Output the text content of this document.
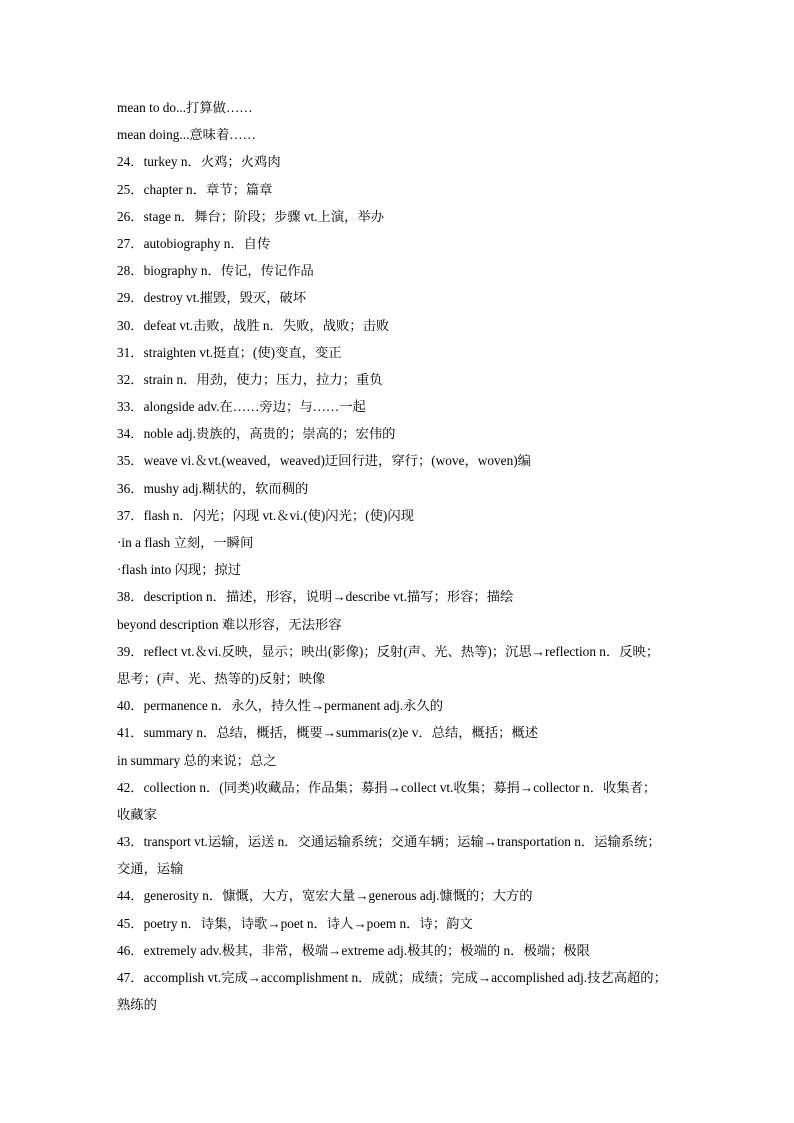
mean to do...打算做……
mean doing...意味着……
24．turkey n．火鸡；火鸡肉
25．chapter n．章节；篇章
26．stage n．舞台；阶段；步骤 vt.上演，举办
27．autobiography n．自传
28．biography n．传记，传记作品
29．destroy vt.摧毁，毁灭，破坏
30．defeat vt.击败，战胜 n．失败，战败；击败
31．straighten vt.挺直；(使)变直，变正
32．strain n．用劲，使力；压力，拉力；重负
33．alongside adv.在……旁边；与……一起
34．noble adj.贵族的，高贵的；崇高的；宏伟的
35．weave vi.＆vt.(weaved，weaved)迂回行进，穿行；(wove，woven)编
36．mushy adj.糊状的，软而稠的
37．flash n．闪光；闪现 vt.＆vi.(使)闪光；(使)闪现
·in a flash 立刻，一瞬间
·flash into 闪现；掠过
38．description n．描述，形容，说明→describe vt.描写；形容；描绘
beyond description 难以形容，无法形容
39．reflect vt.＆vi.反映，显示；映出(影像)；反射(声、光、热等)；沉思→reflection n．反映；
思考；(声、光、热等的)反射；映像
40．permanence n．永久，持久性→permanent adj.永久的
41．summary n．总结，概括，概要→summaris(z)e v．总结，概括；概述
in summary 总的来说；总之
42．collection n．(同类)收藏品；作品集；募捐→collect vt.收集；募捐→collector n．收集者；
收藏家
43．transport vt.运输，运送 n．交通运输系统；交通车辆；运输→transportation n．运输系统；
交通，运输
44．generosity n．慷慨，大方，宽宏大量→generous adj.慷慨的；大方的
45．poetry n．诗集，诗歌→poet n．诗人→poem n．诗；韵文
46．extremely adv.极其，非常，极端→extreme adj.极其的；极端的 n．极端；极限
47．accomplish vt.完成→accomplishment n．成就；成绩；完成→accomplished adj.技艺高超的；
熟练的
